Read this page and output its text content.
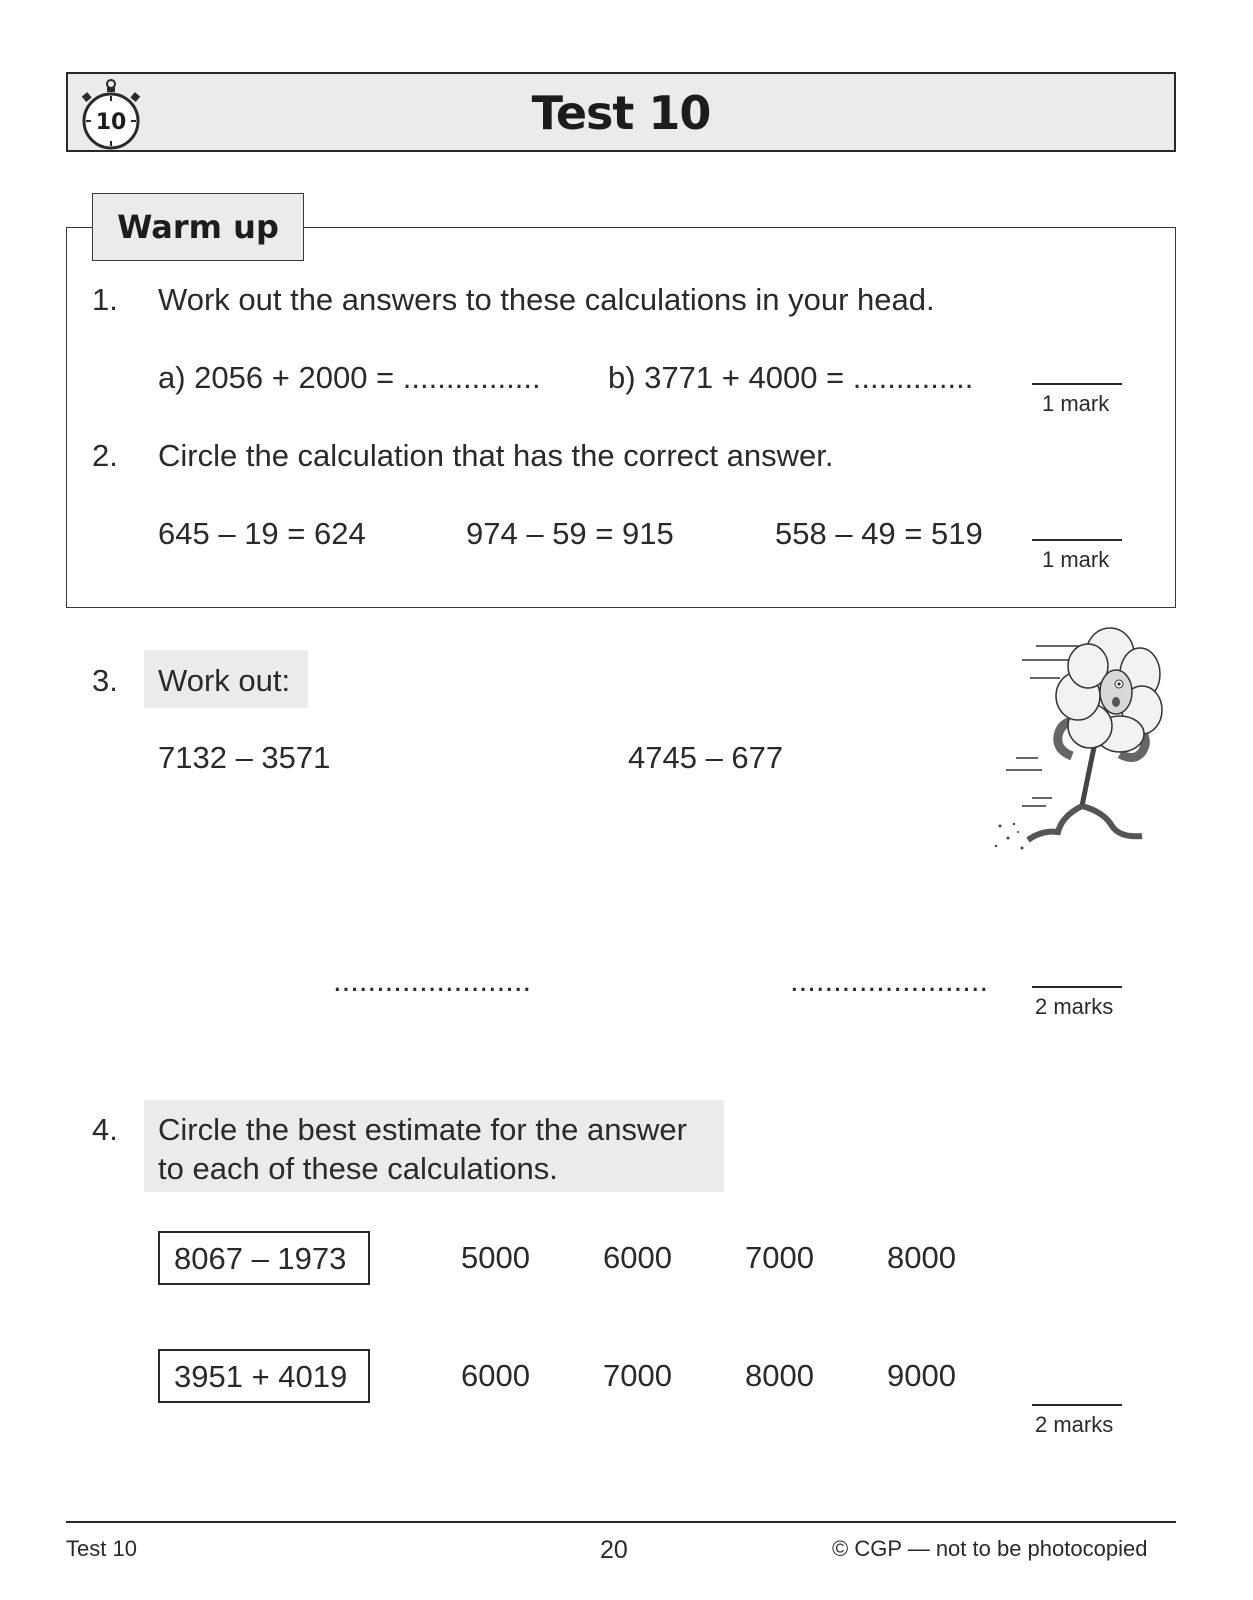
10	Test 10
Warm up
1. Work out the answers to these calculations in your head.
a) 2056 + 2000 = ................ b) 3771 + 4000 = ..............
1 mark
2. Circle the calculation that has the correct answer.
645 – 19 = 624	974 – 59 = 915	558 – 49 = 519
1 mark
3. Work out:
7132 – 3571	4745 – 677
.......................	.......................
2 marks
4. Circle the best estimate for the answer
to each of these calculations.
8067 – 1973	5000 6000 7000 8000
3951 + 4019	6000 7000 8000 9000
2 marks
Test 10	20	© CGP — not to be photocopied
